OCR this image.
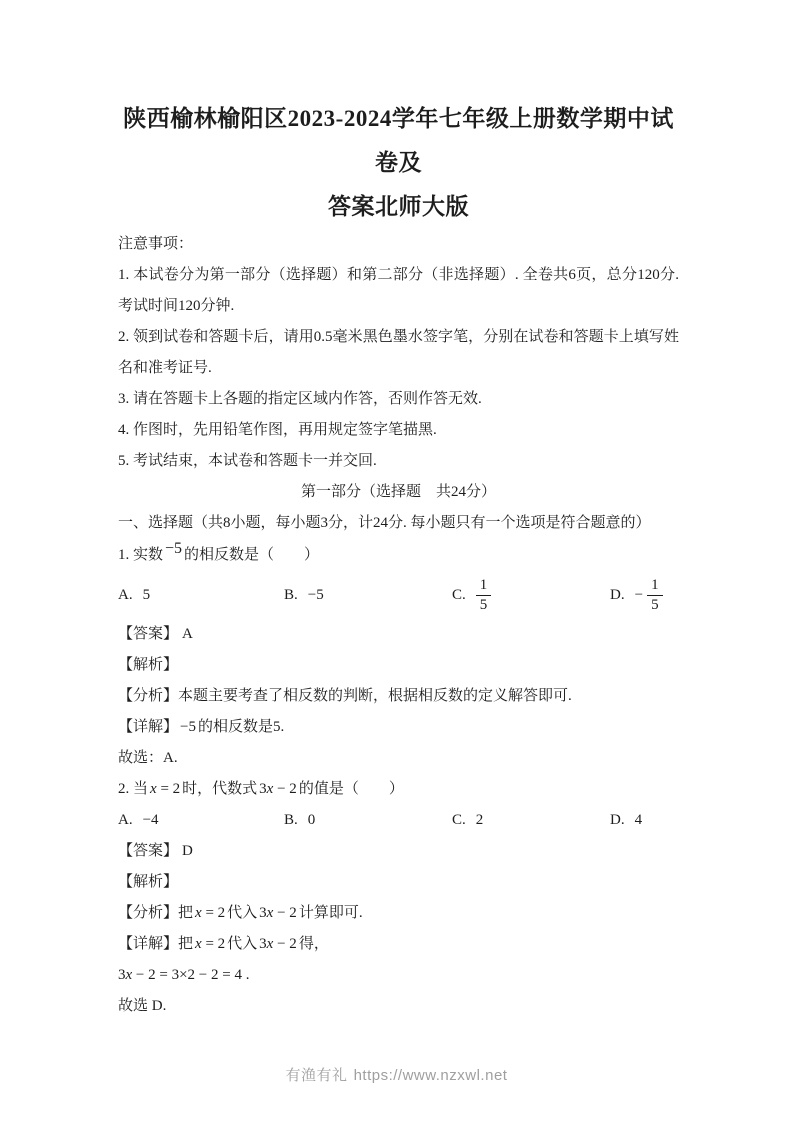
陕西榆林榆阳区2023-2024学年七年级上册数学期中试卷及
答案北师大版

注意事项：

1. 本试卷分为第一部分（选择题）和第二部分（非选择题）. 全卷共6页，总分120分. 考试时间120分钟.

2. 领到试卷和答题卡后，请用0.5毫米黑色墨水签字笔，分别在试卷和答题卡上填写姓名和准考证号.

3. 请在答题卡上各题的指定区域内作答，否则作答无效.

4. 作图时，先用铅笔作图，再用规定签字笔描黑.

5. 考试结束，本试卷和答题卡一并交回.

第一部分（选择题　共24分）

一、选择题（共8小题，每小题3分，计24分. 每小题只有一个选项是符合题意的）

1. 实数 −5 的相反数是（　　）

A. 5	B. −5	C. $\frac{1}{5}$	D. − $\frac{1}{5}$

【答案】 A

【解析】

【分析】本题主要考查了相反数的判断，根据相反数的定义解答即可.

【详解】 −5 的相反数是5.

故选：A.

2. 当 x = 2 时，代数式 3x − 2 的值是（　　）

A. −4	B. 0	C. 2	D. 4

【答案】 D

【解析】

【分析】把 x = 2 代入 3x − 2 计算即可.

【详解】把 x = 2 代入 3x − 2 得，

3x − 2 = 3×2 − 2 = 4 .

故选 D.

有渔有礼 https://www.nzxwl.net
